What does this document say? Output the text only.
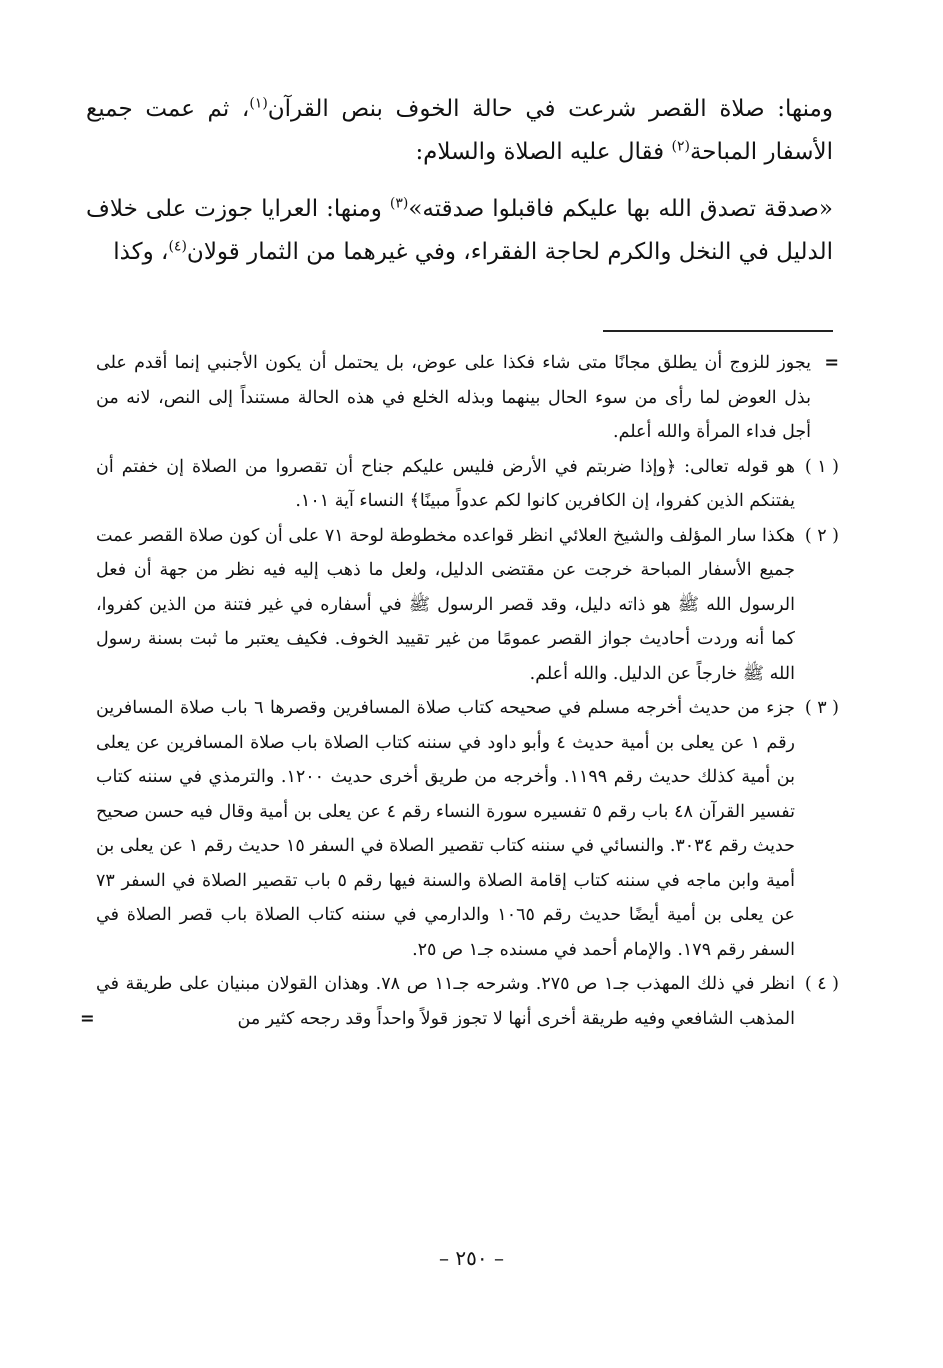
ومنها: صلاة القصر شرعت في حالة الخوف بنص القرآن$^{(١)}$، ثم عمت جميع الأسفار المباحة$^{(٢)}$ فقال عليه الصلاة والسلام:

«صدقة تصدق الله بها عليكم فاقبلوا صدقته»$^{(٣)}$ ومنها: العرايا جوزت على خلاف الدليل في النخل والكرم لحاجة الفقراء، وفي غيرهما من الثمار قولان$^{(٤)}$، وكذا

=
يجوز للزوج أن يطلق مجانًا متى شاء فكذا على عوض، بل يحتمل أن يكون الأجنبي إنما أقدم على بذل العوض لما رأى من سوء الحال بينهما وبذله الخلع في هذه الحالة مستنداً إلى النص، لانه من أجل فداء المرأة والله أعلم.

( ١ )
هو قوله تعالى: ﴿وإذا ضربتم في الأرض فليس عليكم جناح أن تقصروا من الصلاة إن خفتم أن يفتنكم الذين كفروا، إن الكافرين كانوا لكم عدواً مبينًا﴾ النساء آية ١٠١.

( ٢ )
هكذا سار المؤلف والشيخ العلائي انظر قواعده مخطوطة لوحة ٧١ على أن كون صلاة القصر عمت جميع الأسفار المباحة خرجت عن مقتضى الدليل، ولعل ما ذهب إليه فيه نظر من جهة أن فعل الرسول الله ﷺ هو ذاته دليل، وقد قصر الرسول ﷺ في أسفاره في غير فتنة من الذين كفروا، كما أنه وردت أحاديث جواز القصر عمومًا من غير تقييد الخوف. فكيف يعتبر ما ثبت بسنة رسول الله ﷺ خارجاً عن الدليل. والله أعلم.

( ٣ )
جزء من حديث أخرجه مسلم في صحيحه كتاب صلاة المسافرين وقصرها ٦ باب صلاة المسافرين رقم ١ عن يعلى بن أمية حديث ٤ وأبو داود في سننه كتاب الصلاة باب صلاة المسافرين عن يعلى بن أمية كذلك حديث رقم ١١٩٩. وأخرجه من طريق أخرى حديث ١٢٠٠. والترمذي في سننه كتاب تفسير القرآن ٤٨ باب رقم ٥ تفسيره سورة النساء رقم ٤ عن يعلى بن أمية وقال فيه حسن صحيح حديث رقم ٣٠٣٤. والنسائي في سننه كتاب تقصير الصلاة في السفر ١٥ حديث رقم ١ عن يعلى بن أمية وابن ماجه في سننه كتاب إقامة الصلاة والسنة فيها رقم ٥ باب تقصير الصلاة في السفر ٧٣ عن يعلى بن أمية أيضًا حديث رقم ١٠٦٥ والدارمي في سننه كتاب الصلاة باب قصر الصلاة في السفر رقم ١٧٩. والإمام أحمد في مسنده جـ١ ص ٢٥.

( ٤ )
انظر في ذلك المهذب جـ١ ص ٢٧٥. وشرحه جـ١١ ص ٧٨. وهذان القولان مبنيان على طريقة في المذهب الشافعي وفيه طريقة أخرى أنها لا تجوز قولاً واحداً وقد رجحه كثير من
=

– ٢٥٠ –
